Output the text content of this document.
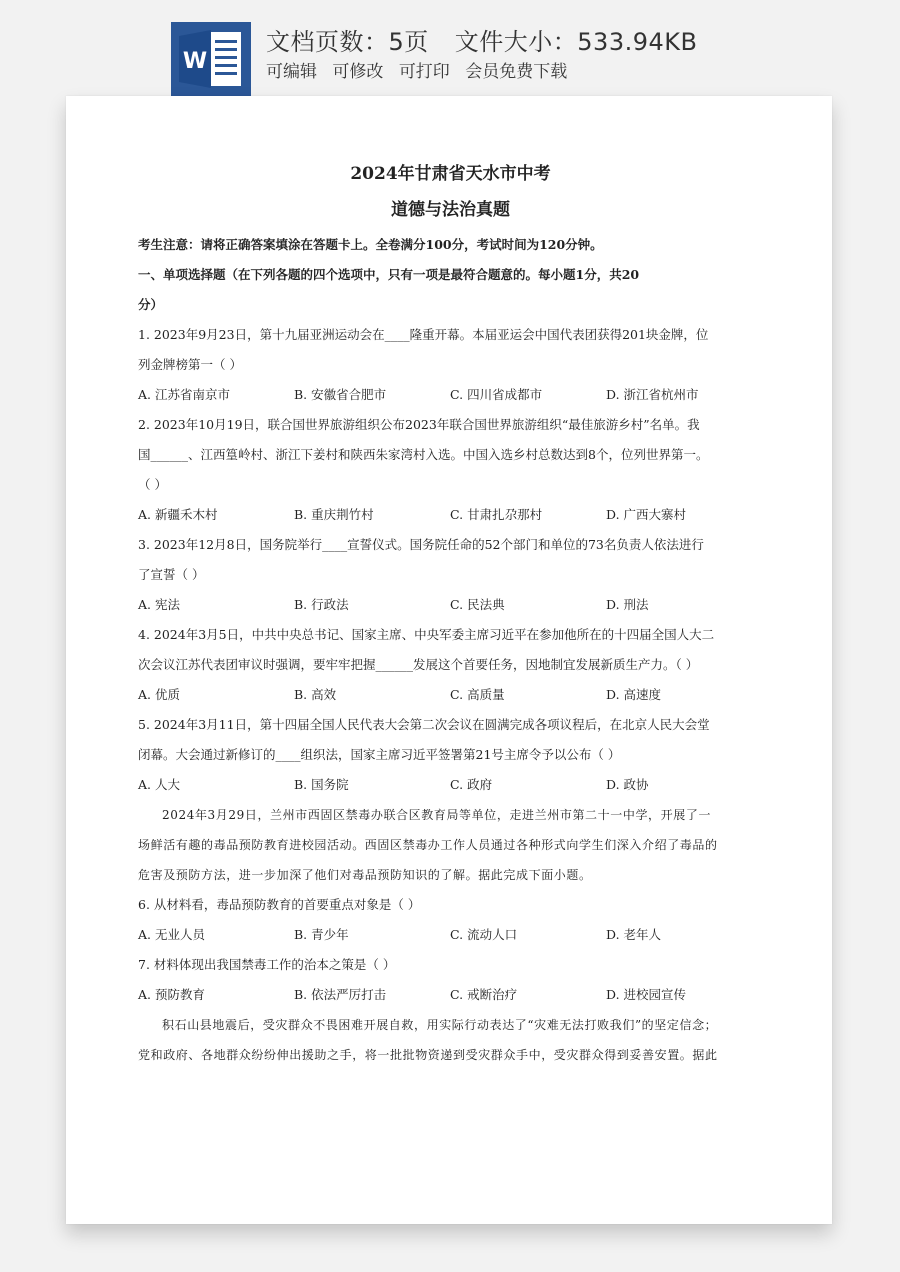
W
文档页数：5页 文件大小：533.94KB
可编辑 可修改 可打印 会员免费下载

2024年甘肃省天水市中考

道德与法治真题

考生注意：请将正确答案填涂在答题卡上。全卷满分100分，考试时间为120分钟。

一、单项选择题（在下列各题的四个选项中，只有一项是最符合题意的。每小题1分，共20

分）

1. 2023年9月23日，第十九届亚洲运动会在____隆重开幕。本届亚运会中国代表团获得201块金牌，位

列金牌榜第一（ ）

A. 江苏省南京市	B. 安徽省合肥市	C. 四川省成都市	D. 浙江省杭州市

2. 2023年10月19日，联合国世界旅游组织公布2023年联合国世界旅游组织“最佳旅游乡村”名单。我

国______、江西篁岭村、浙江下姜村和陕西朱家湾村入选。中国入选乡村总数达到8个，位列世界第一。

（ ）

A. 新疆禾木村	B. 重庆荆竹村	C. 甘肃扎尕那村	D. 广西大寨村

3. 2023年12月8日，国务院举行____宣誓仪式。国务院任命的52个部门和单位的73名负责人依法进行

了宣誓（ ）

A. 宪法	B. 行政法	C. 民法典	D. 刑法

4. 2024年3月5日，中共中央总书记、国家主席、中央军委主席习近平在参加他所在的十四届全国人大二

次会议江苏代表团审议时强调，要牢牢把握______发展这个首要任务，因地制宜发展新质生产力。（ ）

A. 优质	B. 高效	C. 高质量	D. 高速度

5. 2024年3月11日，第十四届全国人民代表大会第二次会议在圆满完成各项议程后，在北京人民大会堂

闭幕。大会通过新修订的____组织法，国家主席习近平签署第21号主席令予以公布（ ）

A. 人大	B. 国务院	C. 政府	D. 政协

2024年3月29日，兰州市西固区禁毒办联合区教育局等单位，走进兰州市第二十一中学，开展了一

场鲜活有趣的毒品预防教育进校园活动。西固区禁毒办工作人员通过各种形式向学生们深入介绍了毒品的

危害及预防方法，进一步加深了他们对毒品预防知识的了解。据此完成下面小题。

6. 从材料看，毒品预防教育的首要重点对象是（ ）

A. 无业人员	B. 青少年	C. 流动人口	D. 老年人

7. 材料体现出我国禁毒工作的治本之策是（ ）

A. 预防教育	B. 依法严厉打击	C. 戒断治疗	D. 进校园宣传

积石山县地震后，受灾群众不畏困难开展自救，用实际行动表达了“灾难无法打败我们”的坚定信念；

党和政府、各地群众纷纷伸出援助之手，将一批批物资递到受灾群众手中，受灾群众得到妥善安置。据此
